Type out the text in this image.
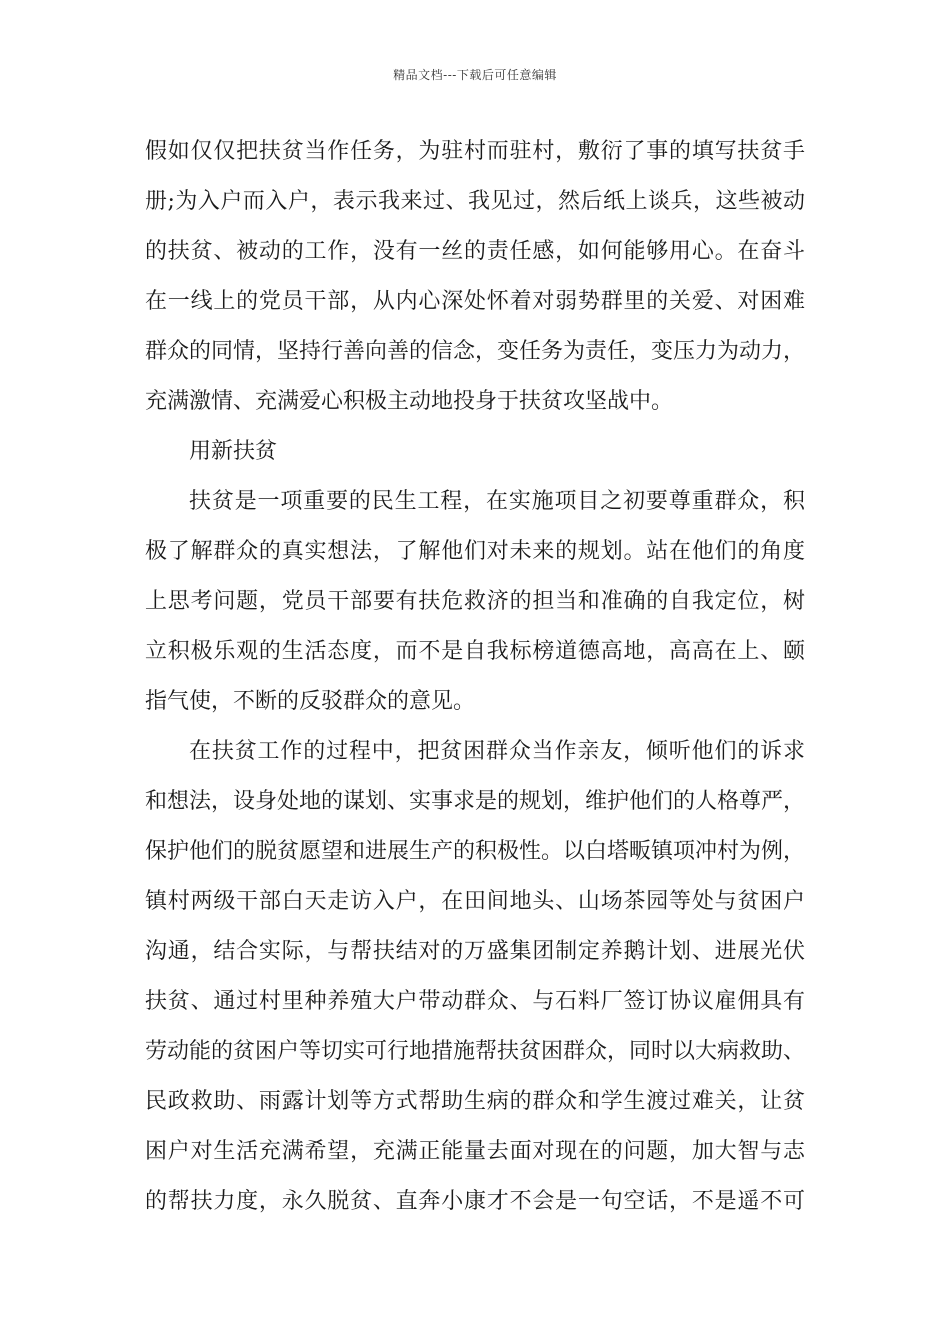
精品文档---下载后可任意编辑
假如仅仅把扶贫当作任务，为驻村而驻村，敷衍了事的填写扶贫手
册;为入户而入户，表示我来过、我见过，然后纸上谈兵，这些被动
的扶贫、被动的工作，没有一丝的责任感，如何能够用心。在奋斗
在一线上的党员干部，从内心深处怀着对弱势群里的关爱、对困难
群众的同情，坚持行善向善的信念，变任务为责任，变压力为动力，
充满激情、充满爱心积极主动地投身于扶贫攻坚战中。
用新扶贫
扶贫是一项重要的民生工程，在实施项目之初要尊重群众，积
极了解群众的真实想法，了解他们对未来的规划。站在他们的角度
上思考问题，党员干部要有扶危救济的担当和准确的自我定位，树
立积极乐观的生活态度，而不是自我标榜道德高地，高高在上、颐
指气使，不断的反驳群众的意见。
在扶贫工作的过程中，把贫困群众当作亲友，倾听他们的诉求
和想法，设身处地的谋划、实事求是的规划，维护他们的人格尊严，
保护他们的脱贫愿望和进展生产的积极性。以白塔畈镇项冲村为例，
镇村两级干部白天走访入户，在田间地头、山场茶园等处与贫困户
沟通，结合实际，与帮扶结对的万盛集团制定养鹅计划、进展光伏
扶贫、通过村里种养殖大户带动群众、与石料厂签订协议雇佣具有
劳动能的贫困户等切实可行地措施帮扶贫困群众，同时以大病救助、
民政救助、雨露计划等方式帮助生病的群众和学生渡过难关，让贫
困户对生活充满希望，充满正能量去面对现在的问题，加大智与志
的帮扶力度，永久脱贫、直奔小康才不会是一句空话，不是遥不可
